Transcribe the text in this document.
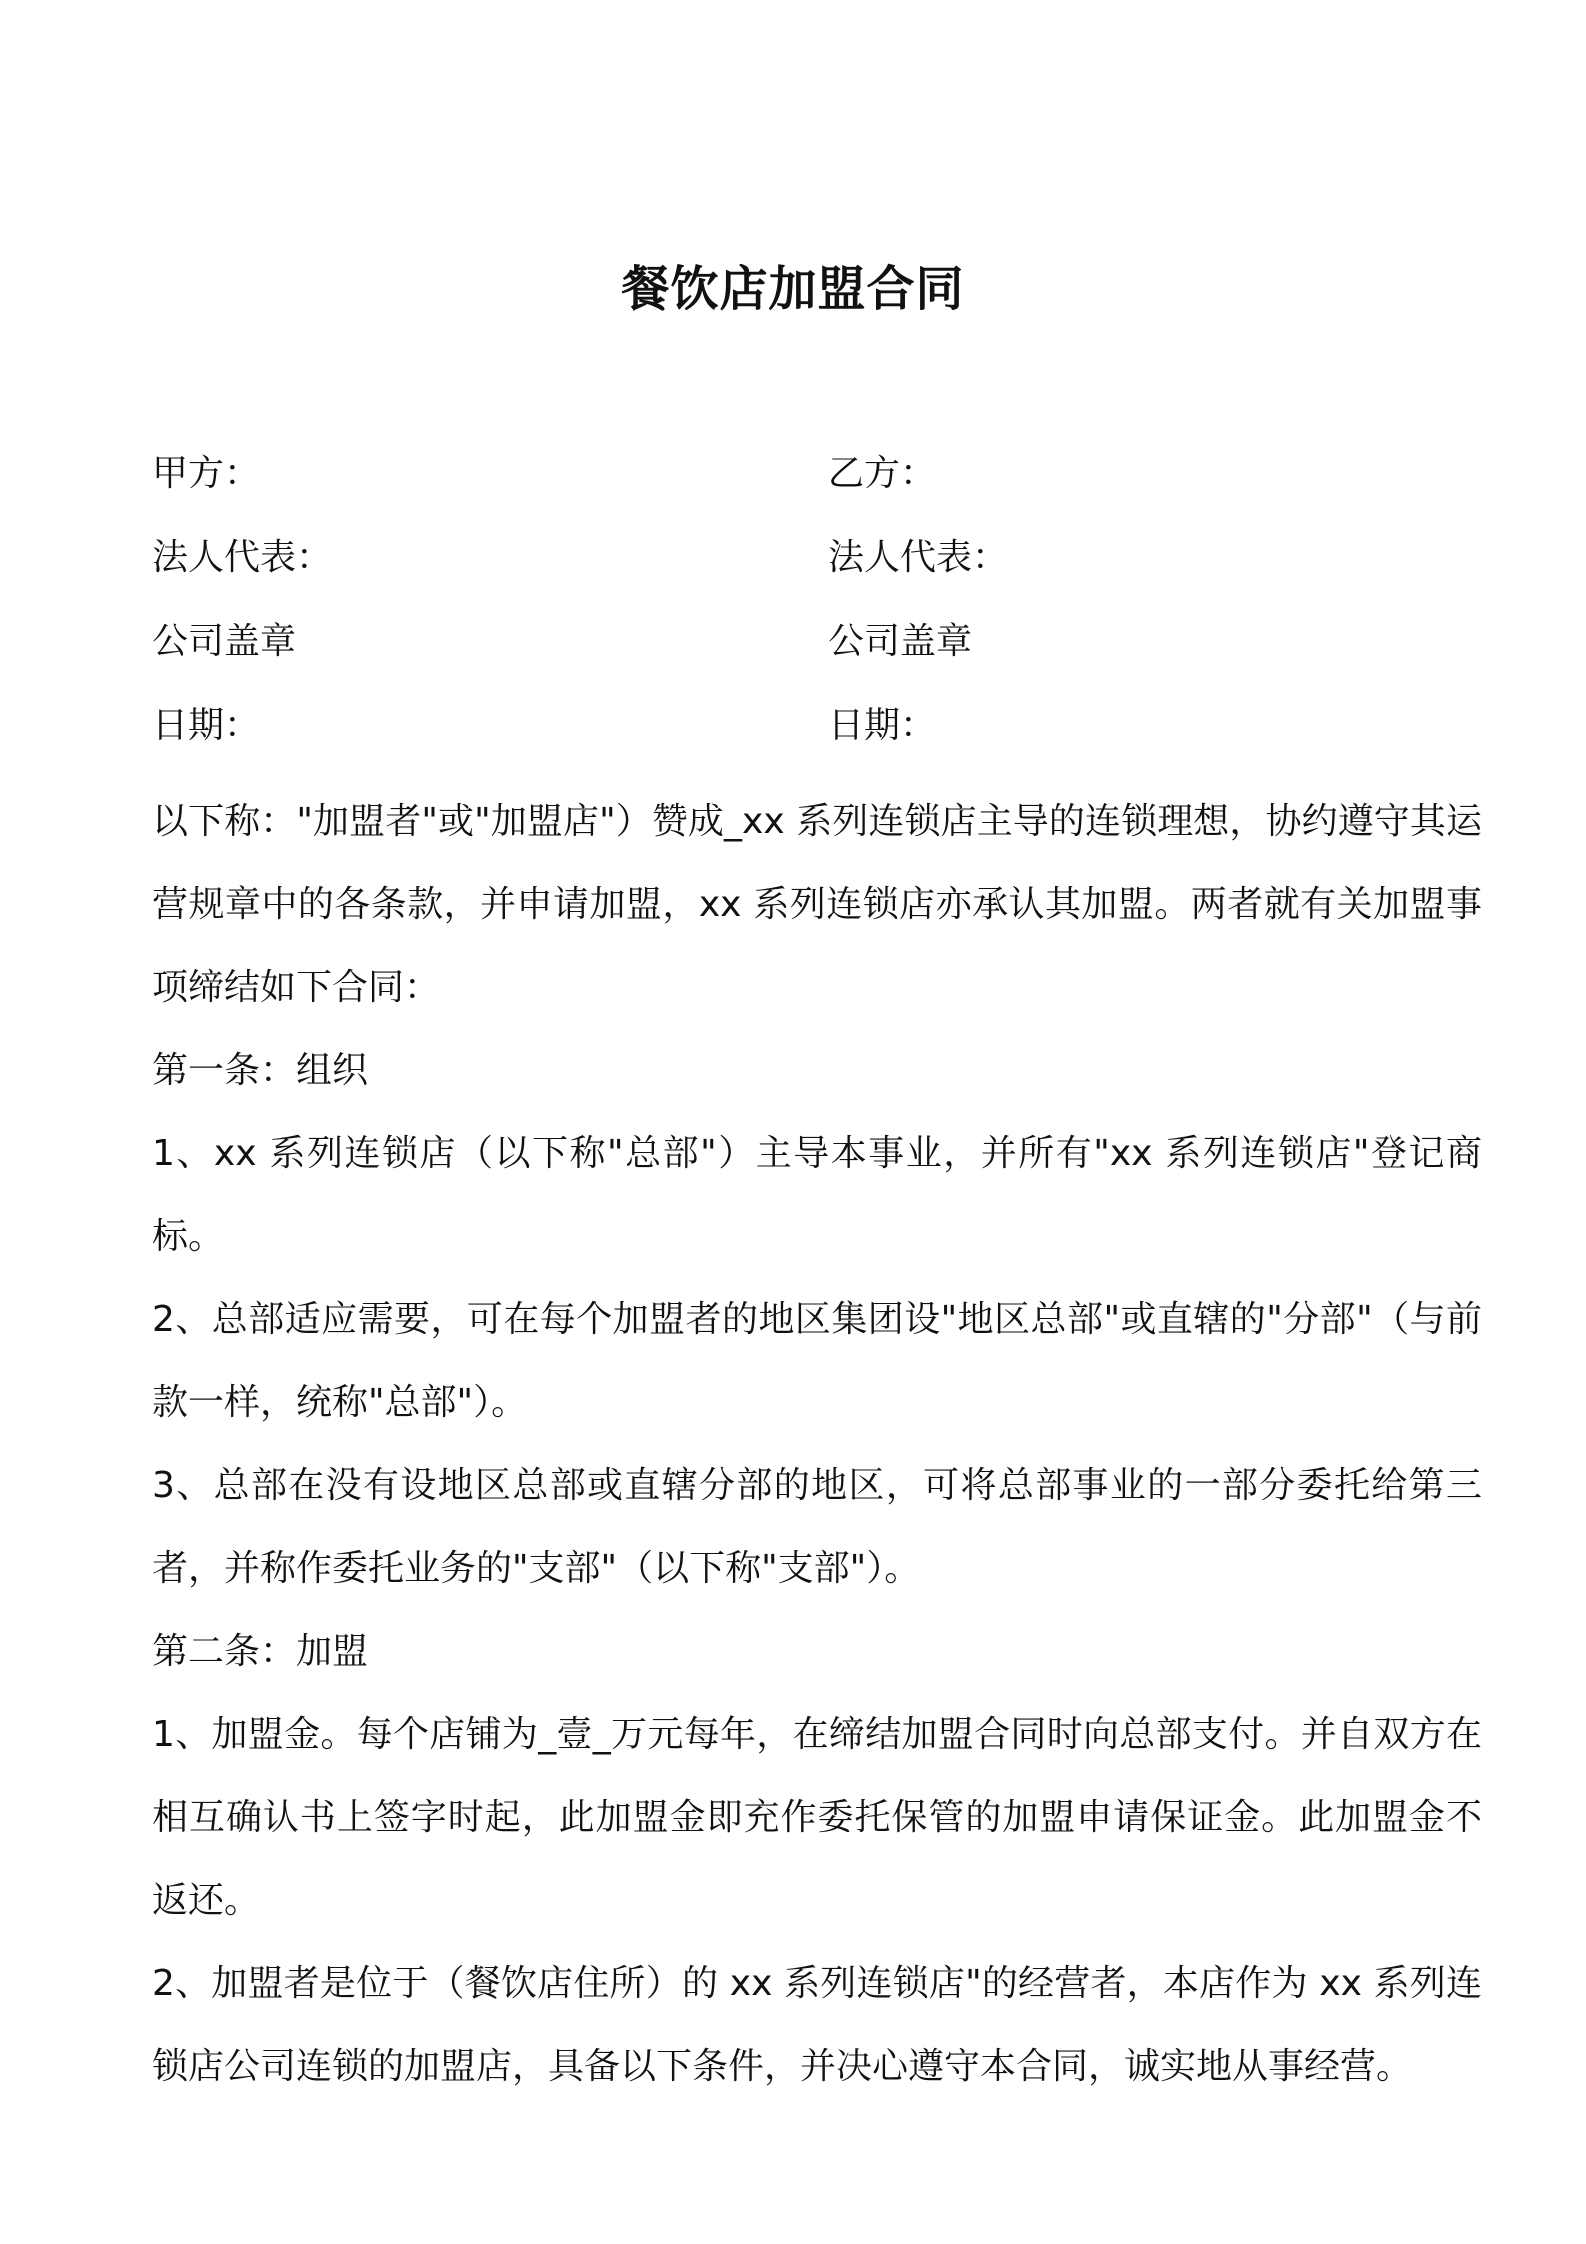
餐饮店加盟合同
甲方：	乙方：
法人代表：	法人代表：
公司盖章	公司盖章
日期：	日期：

以下称："加盟者"或"加盟店"）赞成_xx 系列连锁店主导的连锁理想，协约遵守其运营规章中的各条款，并申请加盟，xx 系列连锁店亦承认其加盟。两者就有关加盟事项缔结如下合同：

第一条：组织

1、xx 系列连锁店（以下称"总部"）主导本事业，并所有"xx 系列连锁店"登记商标。

2、总部适应需要，可在每个加盟者的地区集团设"地区总部"或直辖的"分部"（与前款一样，统称"总部"）。

3、总部在没有设地区总部或直辖分部的地区，可将总部事业的一部分委托给第三者，并称作委托业务的"支部"（以下称"支部"）。

第二条：加盟

1、加盟金。每个店铺为_壹_万元每年，在缔结加盟合同时向总部支付。并自双方在相互确认书上签字时起，此加盟金即充作委托保管的加盟申请保证金。此加盟金不返还。

2、加盟者是位于（餐饮店住所）的 xx 系列连锁店"的经营者，本店作为 xx 系列连锁店公司连锁的加盟店，具备以下条件，并决心遵守本合同，诚实地从事经营。
